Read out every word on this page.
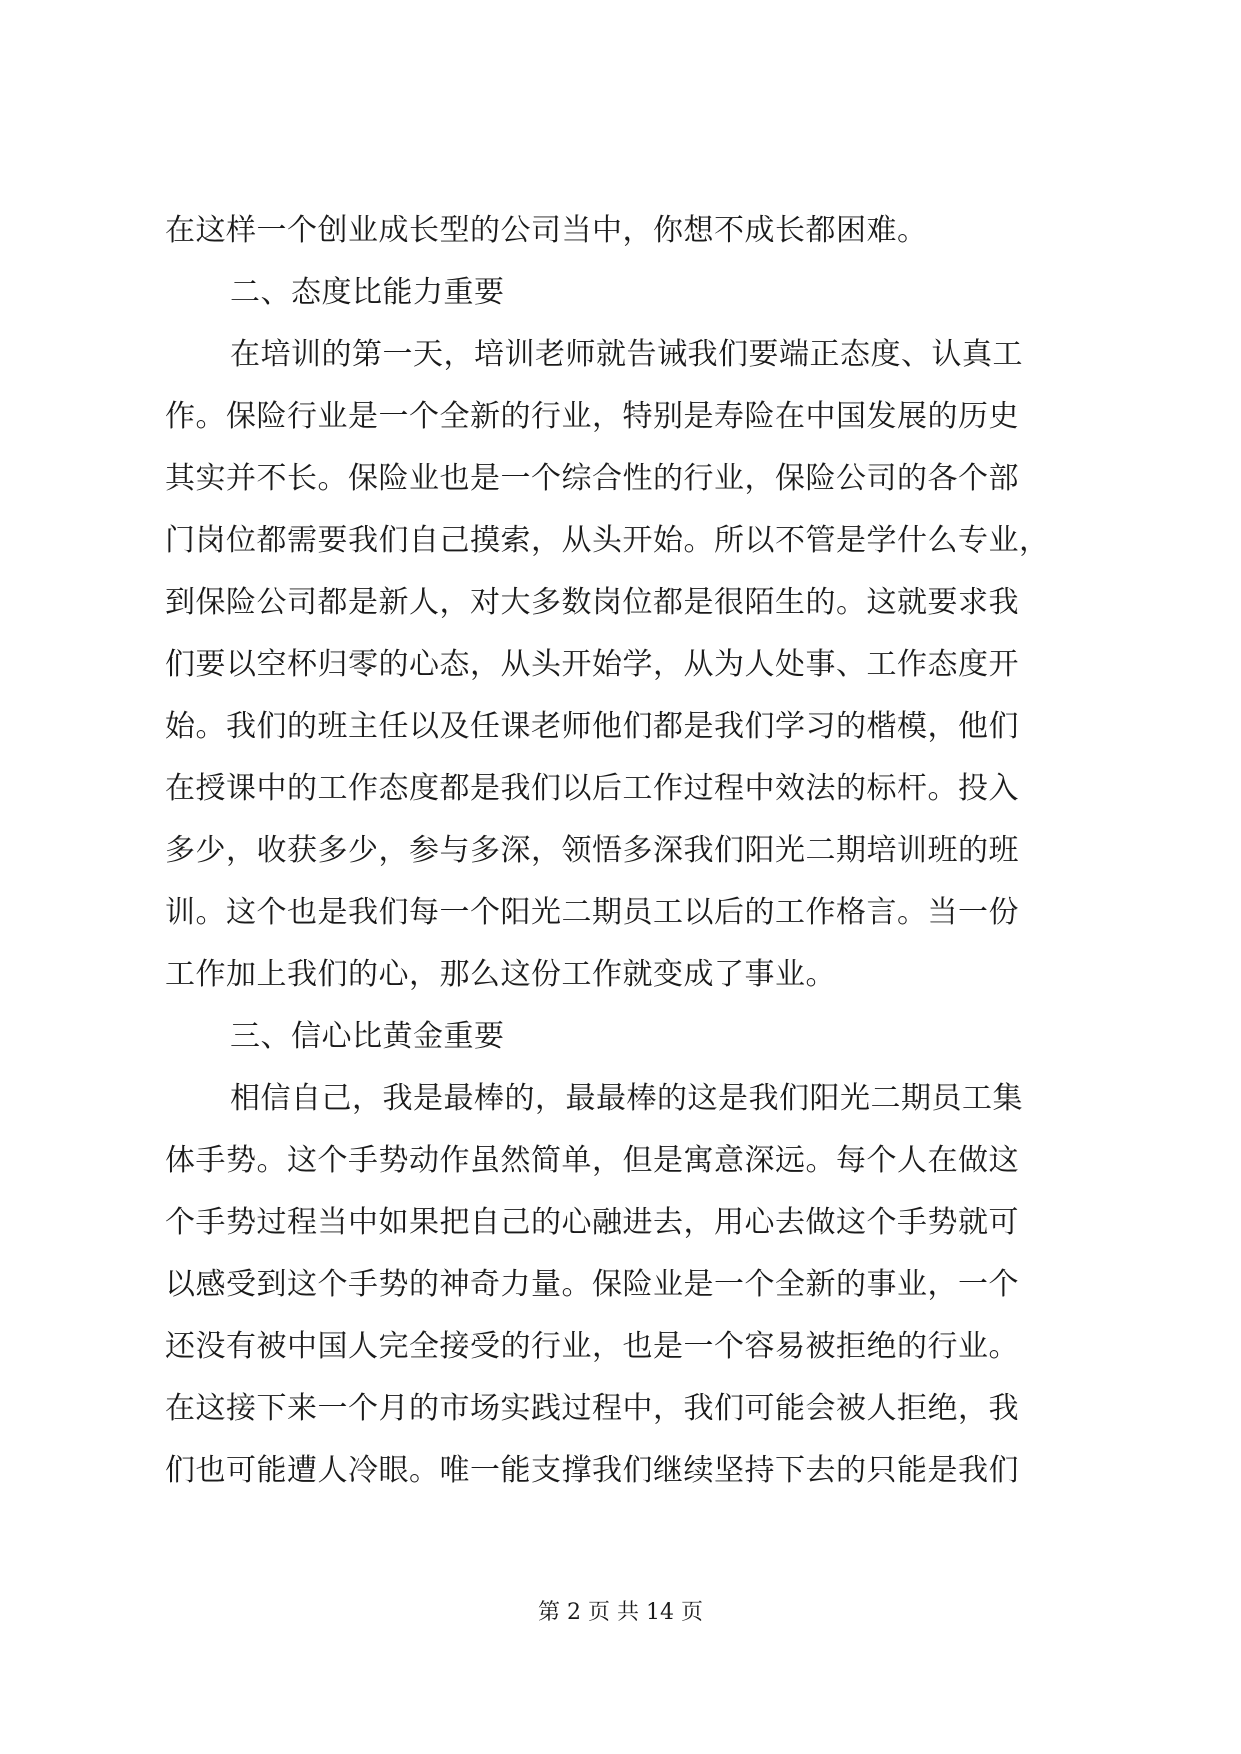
在这样一个创业成长型的公司当中，你想不成长都困难。
二、态度比能力重要
在培训的第一天，培训老师就告诫我们要端正态度、认真工
作。保险行业是一个全新的行业，特别是寿险在中国发展的历史
其实并不长。保险业也是一个综合性的行业，保险公司的各个部
门岗位都需要我们自己摸索，从头开始。所以不管是学什么专业，
到保险公司都是新人，对大多数岗位都是很陌生的。这就要求我
们要以空杯归零的心态，从头开始学，从为人处事、工作态度开
始。我们的班主任以及任课老师他们都是我们学习的楷模，他们
在授课中的工作态度都是我们以后工作过程中效法的标杆。投入
多少，收获多少，参与多深，领悟多深我们阳光二期培训班的班
训。这个也是我们每一个阳光二期员工以后的工作格言。当一份
工作加上我们的心，那么这份工作就变成了事业。
三、信心比黄金重要
相信自己，我是最棒的，最最棒的这是我们阳光二期员工集
体手势。这个手势动作虽然简单，但是寓意深远。每个人在做这
个手势过程当中如果把自己的心融进去，用心去做这个手势就可
以感受到这个手势的神奇力量。保险业是一个全新的事业，一个
还没有被中国人完全接受的行业，也是一个容易被拒绝的行业。
在这接下来一个月的市场实践过程中，我们可能会被人拒绝，我
们也可能遭人冷眼。唯一能支撑我们继续坚持下去的只能是我们
第 2 页 共 14 页
